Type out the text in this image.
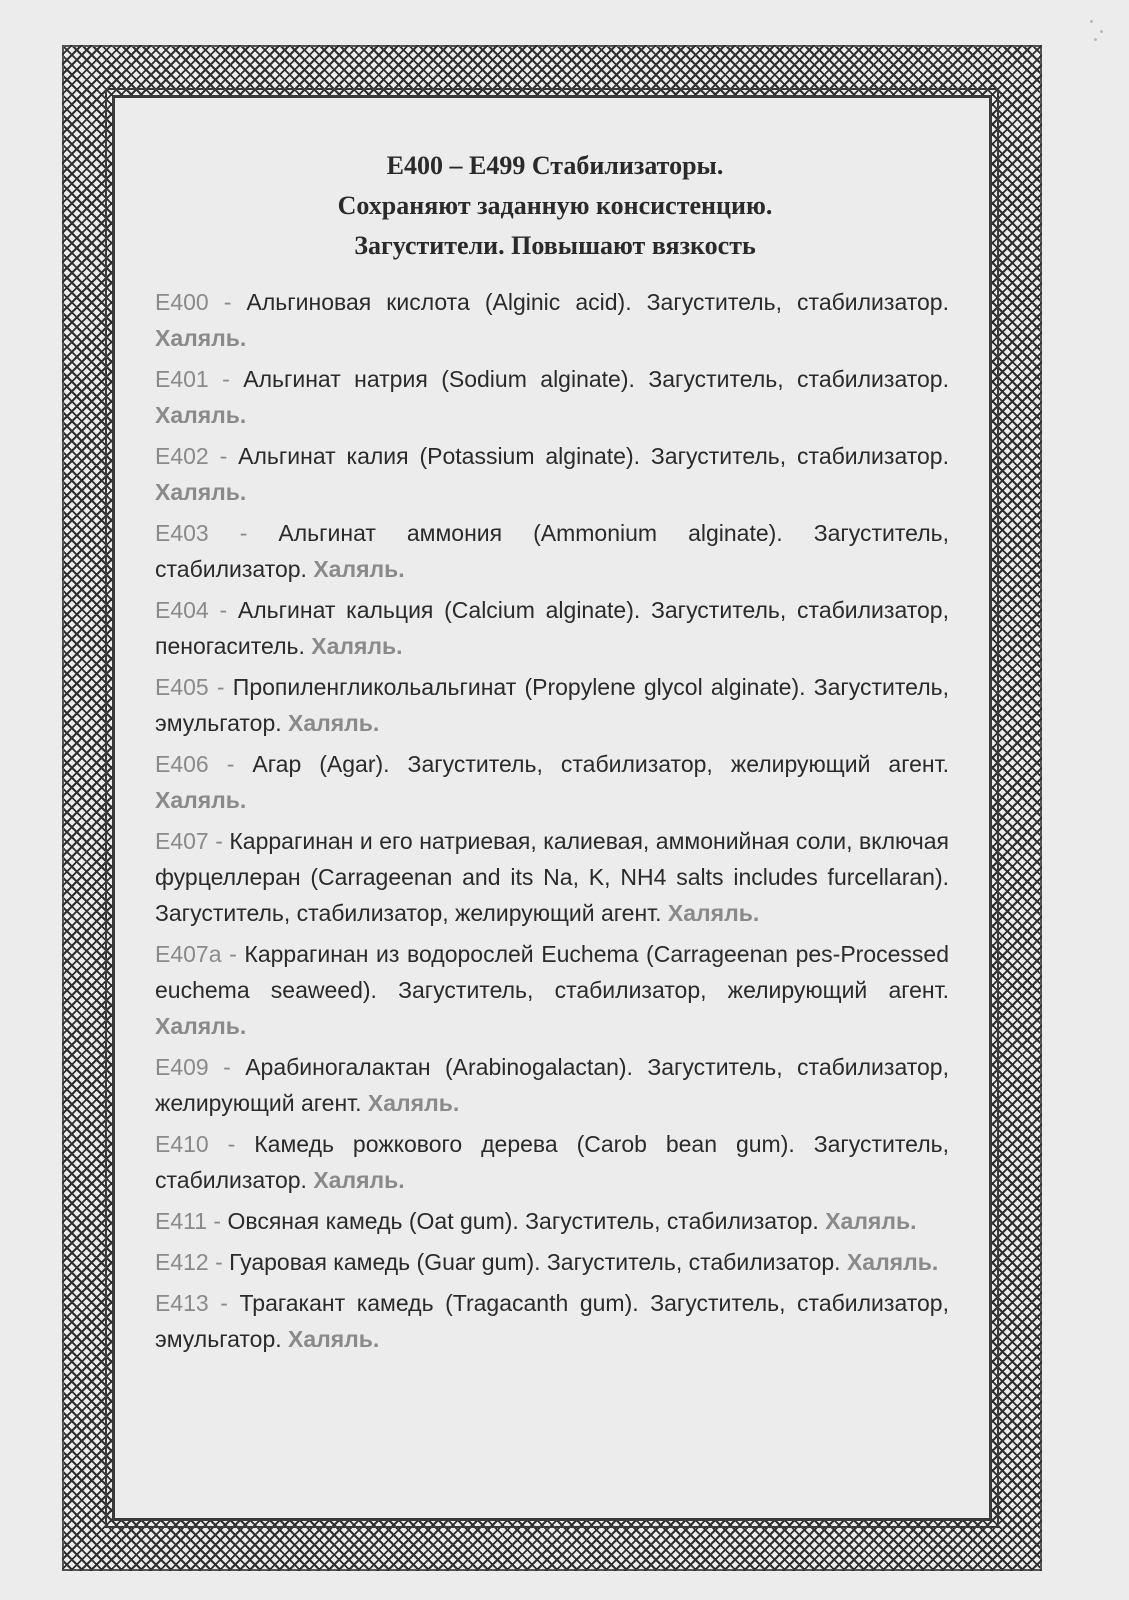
Е400 – Е499 Стабилизаторы.
Сохраняют заданную консистенцию.
Загустители. Повышают вязкость
Е400 - Альгиновая кислота (Alginic acid). Загуститель, стабилизатор. Халяль.
Е401 - Альгинат натрия (Sodium alginate). Загуститель, стабилизатор. Халяль.
Е402 - Альгинат калия (Potassium alginate). Загуститель, стабилизатор. Халяль.
Е403 - Альгинат аммония (Ammonium alginate). Загуститель, стабилизатор. Халяль.
Е404 - Альгинат кальция (Calcium alginate). Загуститель, стабилизатор, пеногаситель. Халяль.
Е405 - Пропиленгликольальгинат (Propylene glycol alginate). Загуститель, эмульгатор. Халяль.
Е406 - Агар (Agar). Загуститель, стабилизатор, желирующий агент. Халяль.
Е407 - Каррагинан и его натриевая, калиевая, аммонийная соли, включая фурцеллеран (Carrageenan and its Na, K, NH4 salts includes furcellaran). Загуститель, стабилизатор, желирующий агент. Халяль.
Е407а - Каррагинан из водорослей Euchema (Carrageenan pes-Processed euchema seaweed). Загуститель, стабилизатор, желирующий агент. Халяль.
Е409 - Арабиногалактан (Arabinogalactan). Загуститель, стабилизатор, желирующий агент. Халяль.
Е410 - Камедь рожкового дерева (Carob bean gum). Загуститель, стабилизатор. Халяль.
Е411 - Овсяная камедь (Oat gum). Загуститель, стабилизатор. Халяль.
Е412 - Гуаровая камедь (Guar gum). Загуститель, стабилизатор. Халяль.
Е413 - Трагакант камедь (Tragacanth gum). Загуститель, стабилизатор, эмульгатор. Халяль.
